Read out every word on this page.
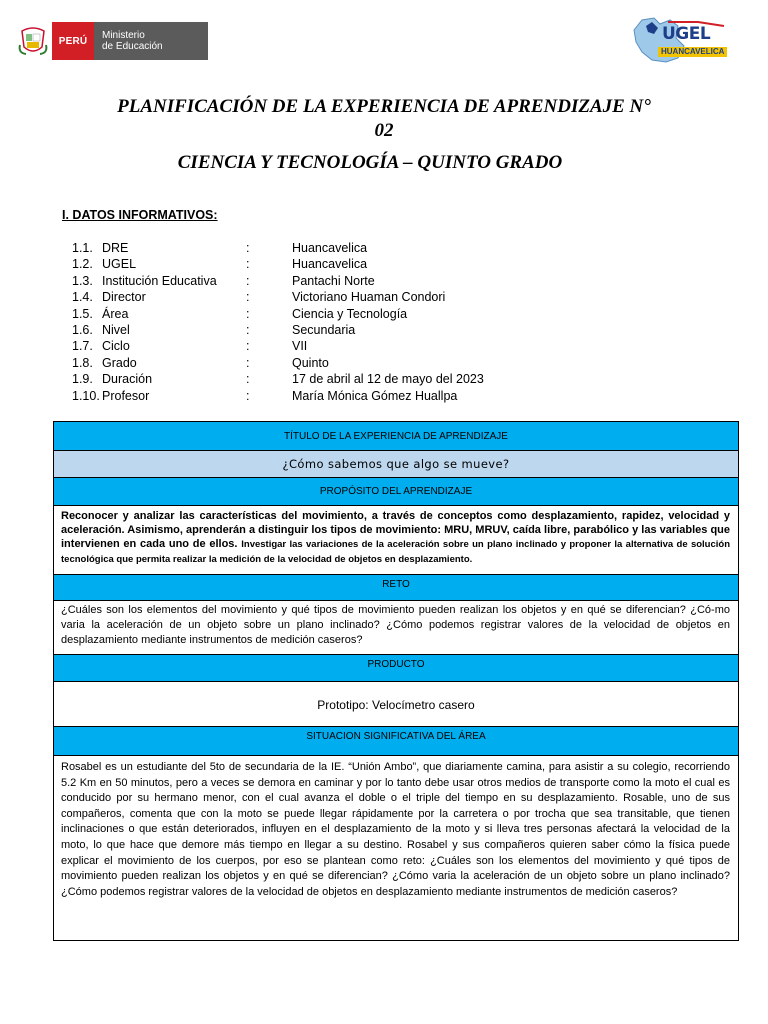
PERÚ	Ministerio
de Educación
UGEL
HUANCAVELICA
PLANIFICACIÓN DE LA EXPERIENCIA DE APRENDIZAJE N°
02
CIENCIA Y TECNOLOGÍA – QUINTO GRADO
I. DATOS INFORMATIVOS:
1.1. DRE	:	Huancavelica
1.2. UGEL	:	Huancavelica
1.3. Institución Educativa :	Pantachi Norte
1.4. Director	:	Victoriano Huaman Condori
1.5. Área	:	Ciencia y Tecnología
1.6. Nivel	:	Secundaria
1.7. Ciclo	:	VII
1.8. Grado	:	Quinto
1.9. Duración	:	17 de abril al 12 de mayo del 2023
1.10. Profesor	:	María Mónica Gómez Huallpa
TÍTULO DE LA EXPERIENCIA DE APRENDIZAJE
¿Cómo sabemos que algo se mueve?
PROPÓSITO DEL APRENDIZAJE
Reconocer y analizar las características del movimiento, a través de conceptos como desplazamiento, rapidez, velocidad y aceleración. Asimismo, aprenderán a distinguir los tipos de movimiento: MRU, MRUV, caída libre, parabólico y las variables que intervienen en cada uno de ellos. Investigar las variaciones de la aceleración sobre un plano inclinado y proponer la alternativa de solución tecnológica que permita realizar la medición de la velocidad de objetos en desplazamiento.
RETO
¿Cuáles son los elementos del movimiento y qué tipos de movimiento pueden realizan los objetos y en qué se diferencian? ¿Có-mo varia la aceleración de un objeto sobre un plano inclinado? ¿Cómo podemos registrar valores de la velocidad de objetos en desplazamiento mediante instrumentos de medición caseros?
PRODUCTO
Prototipo: Velocímetro casero
SITUACION SIGNIFICATIVA DEL ÁREA
Rosabel es un estudiante del 5to de secundaria de la IE. “Unión Ambo”, que diariamente camina, para asistir a su colegio, recorriendo 5.2 Km en 50 minutos, pero a veces se demora en caminar y por lo tanto debe usar otros medios de transporte como la moto el cual es conducido por su hermano menor, con el cual avanza el doble o el triple del tiempo en su desplazamiento. Rosable, uno de sus compañeros, comenta que con la moto se puede llegar rápidamente por la carretera o por trocha que sea transitable, que tienen inclinaciones o que están deteriorados, influyen en el desplazamiento de la moto y si lleva tres personas afectará la velocidad de la moto, lo que hace que demore más tiempo en llegar a su destino. Rosabel y sus compañeros quieren saber cómo la física puede explicar el movimiento de los cuerpos, por eso se plantean como reto: ¿Cuáles son los elementos del movimiento y qué tipos de movimiento pueden realizan los objetos y en qué se diferencian? ¿Cómo varia la aceleración de un objeto sobre un plano inclinado? ¿Cómo podemos registrar valores de la velocidad de objetos en desplazamiento mediante instrumentos de medición caseros?
